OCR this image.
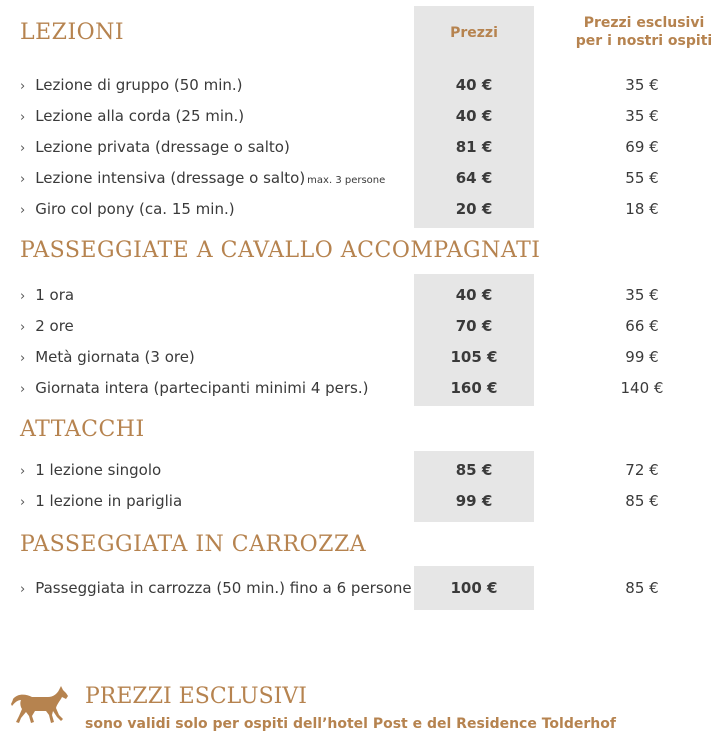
Prezzi
Prezzi esclusivi
per i nostri ospiti
LEZIONI
› Lezione di gruppo (50 min.)	40 €	35 €
› Lezione alla corda (25 min.)	40 €	35 €
› Lezione privata (dressage o salto)	81 €	69 €
› Lezione intensiva (dressage o salto) max. 3 persone	64 €	55 €
› Giro col pony (ca. 15 min.)	20 €	18 €
PASSEGGIATE A CAVALLO ACCOMPAGNATI
› 1 ora	40 €	35 €
› 2 ore	70 €	66 €
› Metà giornata (3 ore)	105 €	99 €
› Giornata intera (partecipanti minimi 4 pers.)	160 €	140 €
ATTACCHI
› 1 lezione singolo	85 €	72 €
› 1 lezione in pariglia	99 €	85 €
PASSEGGIATA IN CARROZZA
› Passeggiata in carrozza (50 min.) fino a 6 persone	100 €	85 €
PREZZI ESCLUSIVI
sono validi solo per ospiti dell’hotel Post e del Residence Tolderhof
